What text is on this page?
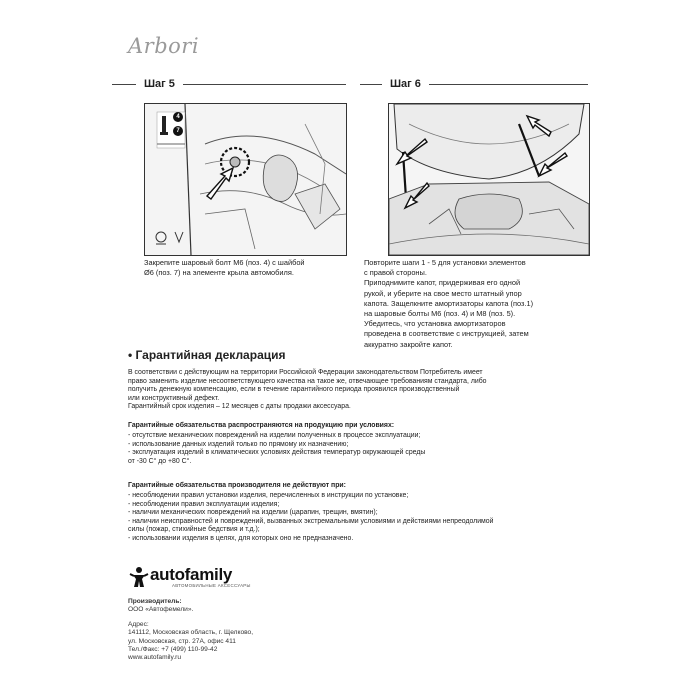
Arbori
Шаг 5	Шаг 6
4
7
Закрепите шаровый болт М6 (поз. 4) с шайбой
Ø6 (поз. 7) на элементе крыла автомобиля.
Повторите шаги 1 - 5 для установки элементов
с правой стороны.
Приподнимите капот, придерживая его одной
рукой, и уберите на свое место штатный упор
капота. Защелкните амортизаторы капота (поз.1)
на шаровые болты М6 (поз. 4) и М8 (поз. 5).
Убедитесь, что установка амортизаторов
проведена в соответствие с инструкцией, затем
аккуратно закройте капот.
• Гарантийная декларация
В соответствии с действующим на территории Российской Федерации законодательством Потребитель имеет
право заменить изделие несоответствующего качества на такое же, отвечающее требованиям стандарта, либо
получить денежную компенсацию, если в течение гарантийного периода проявился производственный
или конструктивный дефект.
Гарантийный срок изделия – 12 месяцев с даты продажи аксессуара.
Гарантийные обязательства распространяются на продукцию при условиях:
- отсутствие механических повреждений на изделии полученных в процессе эксплуатации;
- использование данных изделий только по прямому их назначению;
- эксплуатация изделий в климатических условиях действия температур окружающей среды
от -30 С° до +80 С°.
Гарантийные обязательства производителя не действуют при:
- несоблюдении правил установки изделия, перечисленных в инструкции по установке;
- несоблюдении правил эксплуатации изделия;
- наличии механических повреждений на изделии (царапин, трещин, вмятин);
- наличии неисправностей и повреждений, вызванных экстремальными условиями и действиями непреодолимой
силы (пожар, стихийные бедствия и т.д.);
- использовании изделия в целях, для которых оно не предназначено.
autofamily
АВТОМОБИЛЬНЫЕ АКСЕССУАРЫ
Производитель:
ООО «Автофемели».
Адрес:
141112, Московская область, г. Щелково,
ул. Московская, стр. 27А, офис 411
Тел./Факс: +7 (499) 110-99-42
www.autofamily.ru
